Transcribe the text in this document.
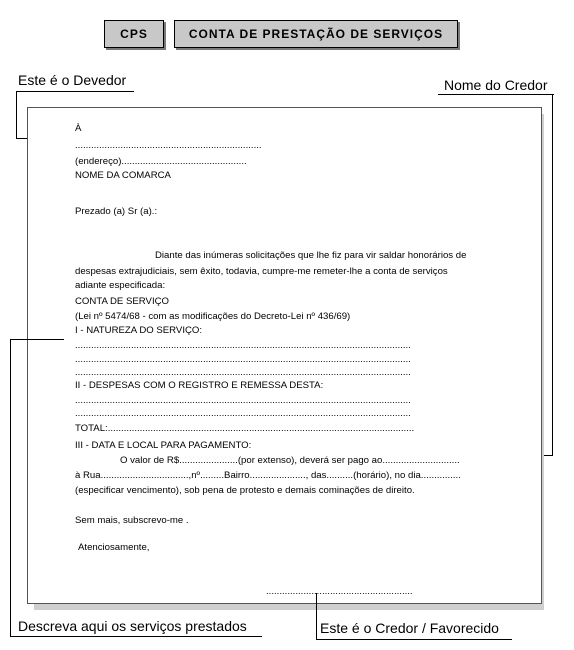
CPS	CONTA DE PRESTAÇÃO DE SERVIÇOS
Este é o Devedor	Nome do Credor
Descreva aqui os serviços prestados	Este é o Credor / Favorecido
À
......................................................................
(endereço)...............................................
NOME DA COMARCA
Prezado (a) Sr (a).:
Diante das inúmeras solicitações que lhe fiz para vir saldar honorários de
despesas extrajudiciais, sem êxito, todavia, cumpre-me remeter-lhe a conta de serviços
adiante especificada:
CONTA DE SERVIÇO
(Lei nº 5474/68 - com as modificações do Decreto-Lei nº 436/69)
I - NATUREZA DO SERVIÇO:
..............................................................................................................................
..............................................................................................................................
..............................................................................................................................
II - DESPESAS COM O REGISTRO E REMESSA DESTA:
..............................................................................................................................
..............................................................................................................................
TOTAL:...................................................................................................................
III - DATA E LOCAL PARA PAGAMENTO:
O valor de R$......................(por extenso), deverá ser pago ao.............................
à Rua.................................,nº.........Bairro....................., das..........(horário), no dia...............
(especificar vencimento), sob pena de protesto e demais cominações de direito.
Sem mais, subscrevo-me .
Atenciosamente,
.......................................................
